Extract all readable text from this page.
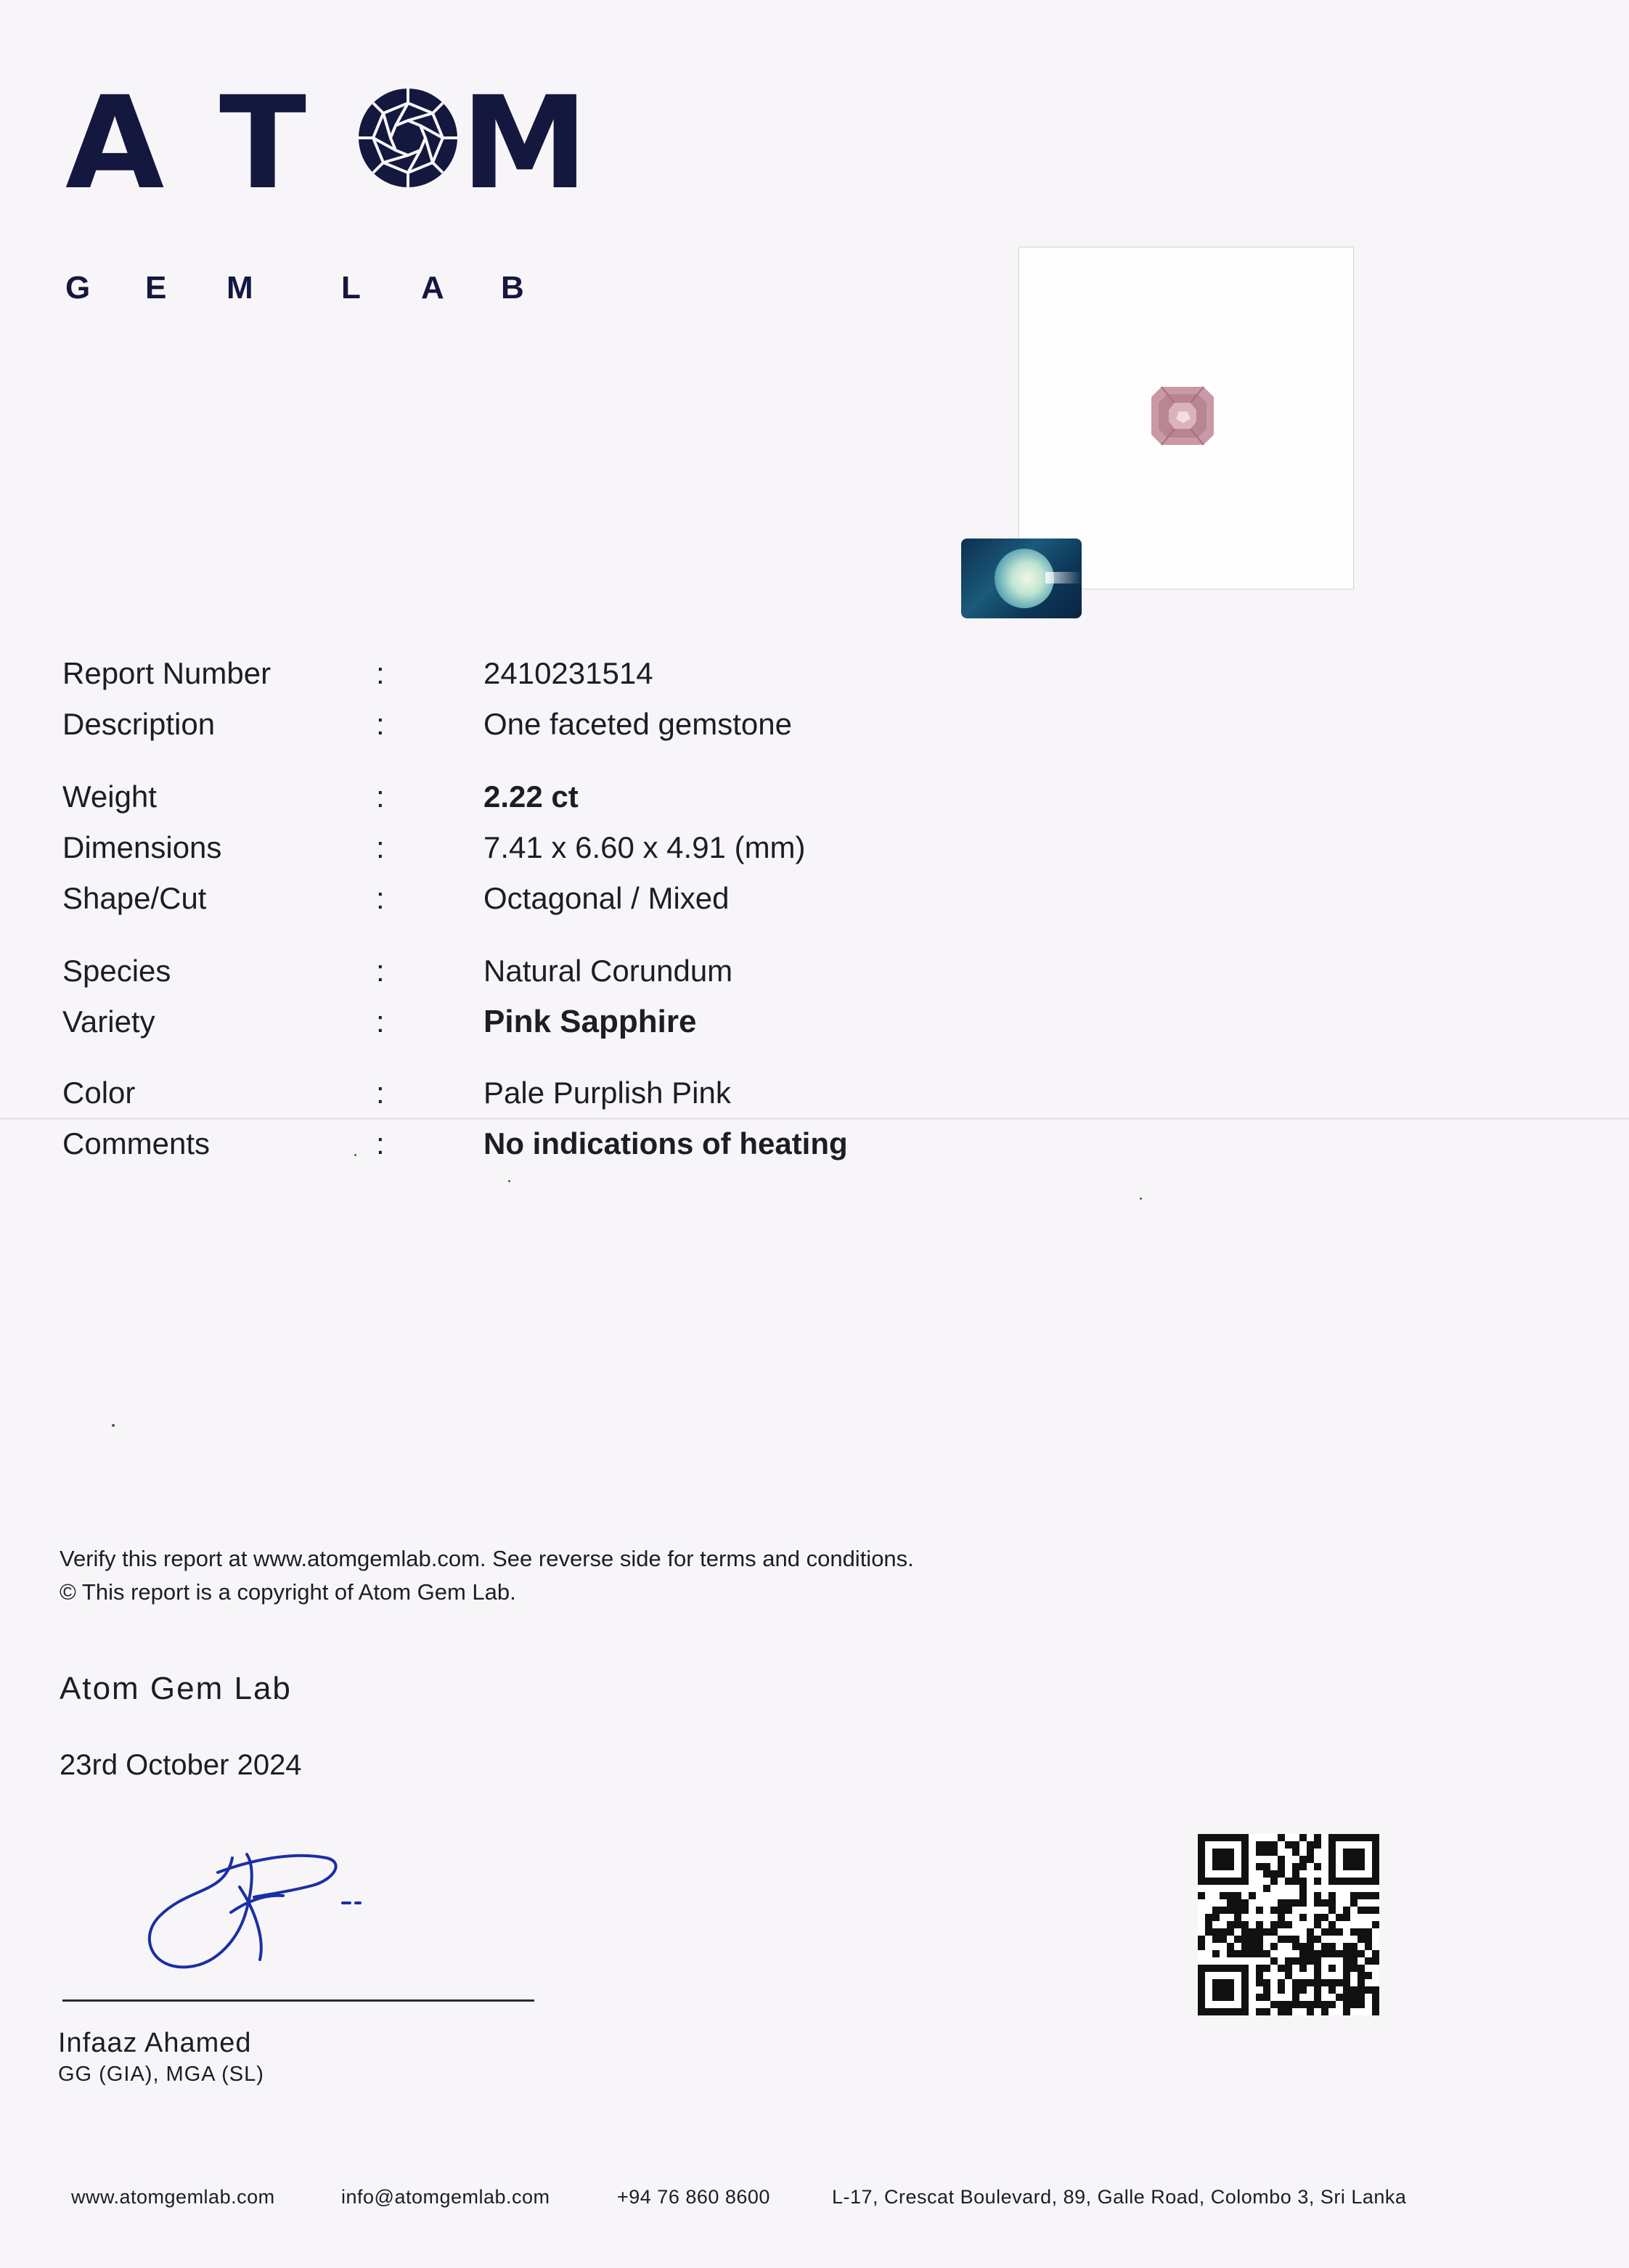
A T M
G E M	L A B
Report Number	:	2410231514
Description	:	One faceted gemstone
Weight	:	2.22 ct
Dimensions	:	7.41 x 6.60 x 4.91 (mm)
Shape/Cut	:	Octagonal / Mixed
Species	:	Natural Corundum
Variety	:	Pink Sapphire
Color	:	Pale Purplish Pink
Comments	:	No indications of heating
Verify this report at www.atomgemlab.com. See reverse side for terms and conditions.
© This report is a copyright of Atom Gem Lab.
Atom Gem Lab
23rd October 2024
Infaaz Ahamed
GG (GIA), MGA (SL)
www.atomgemlab.com	info@atomgemlab.com	+94 76 860 8600	L-17, Crescat Boulevard, 89, Galle Road, Colombo 3, Sri Lanka
